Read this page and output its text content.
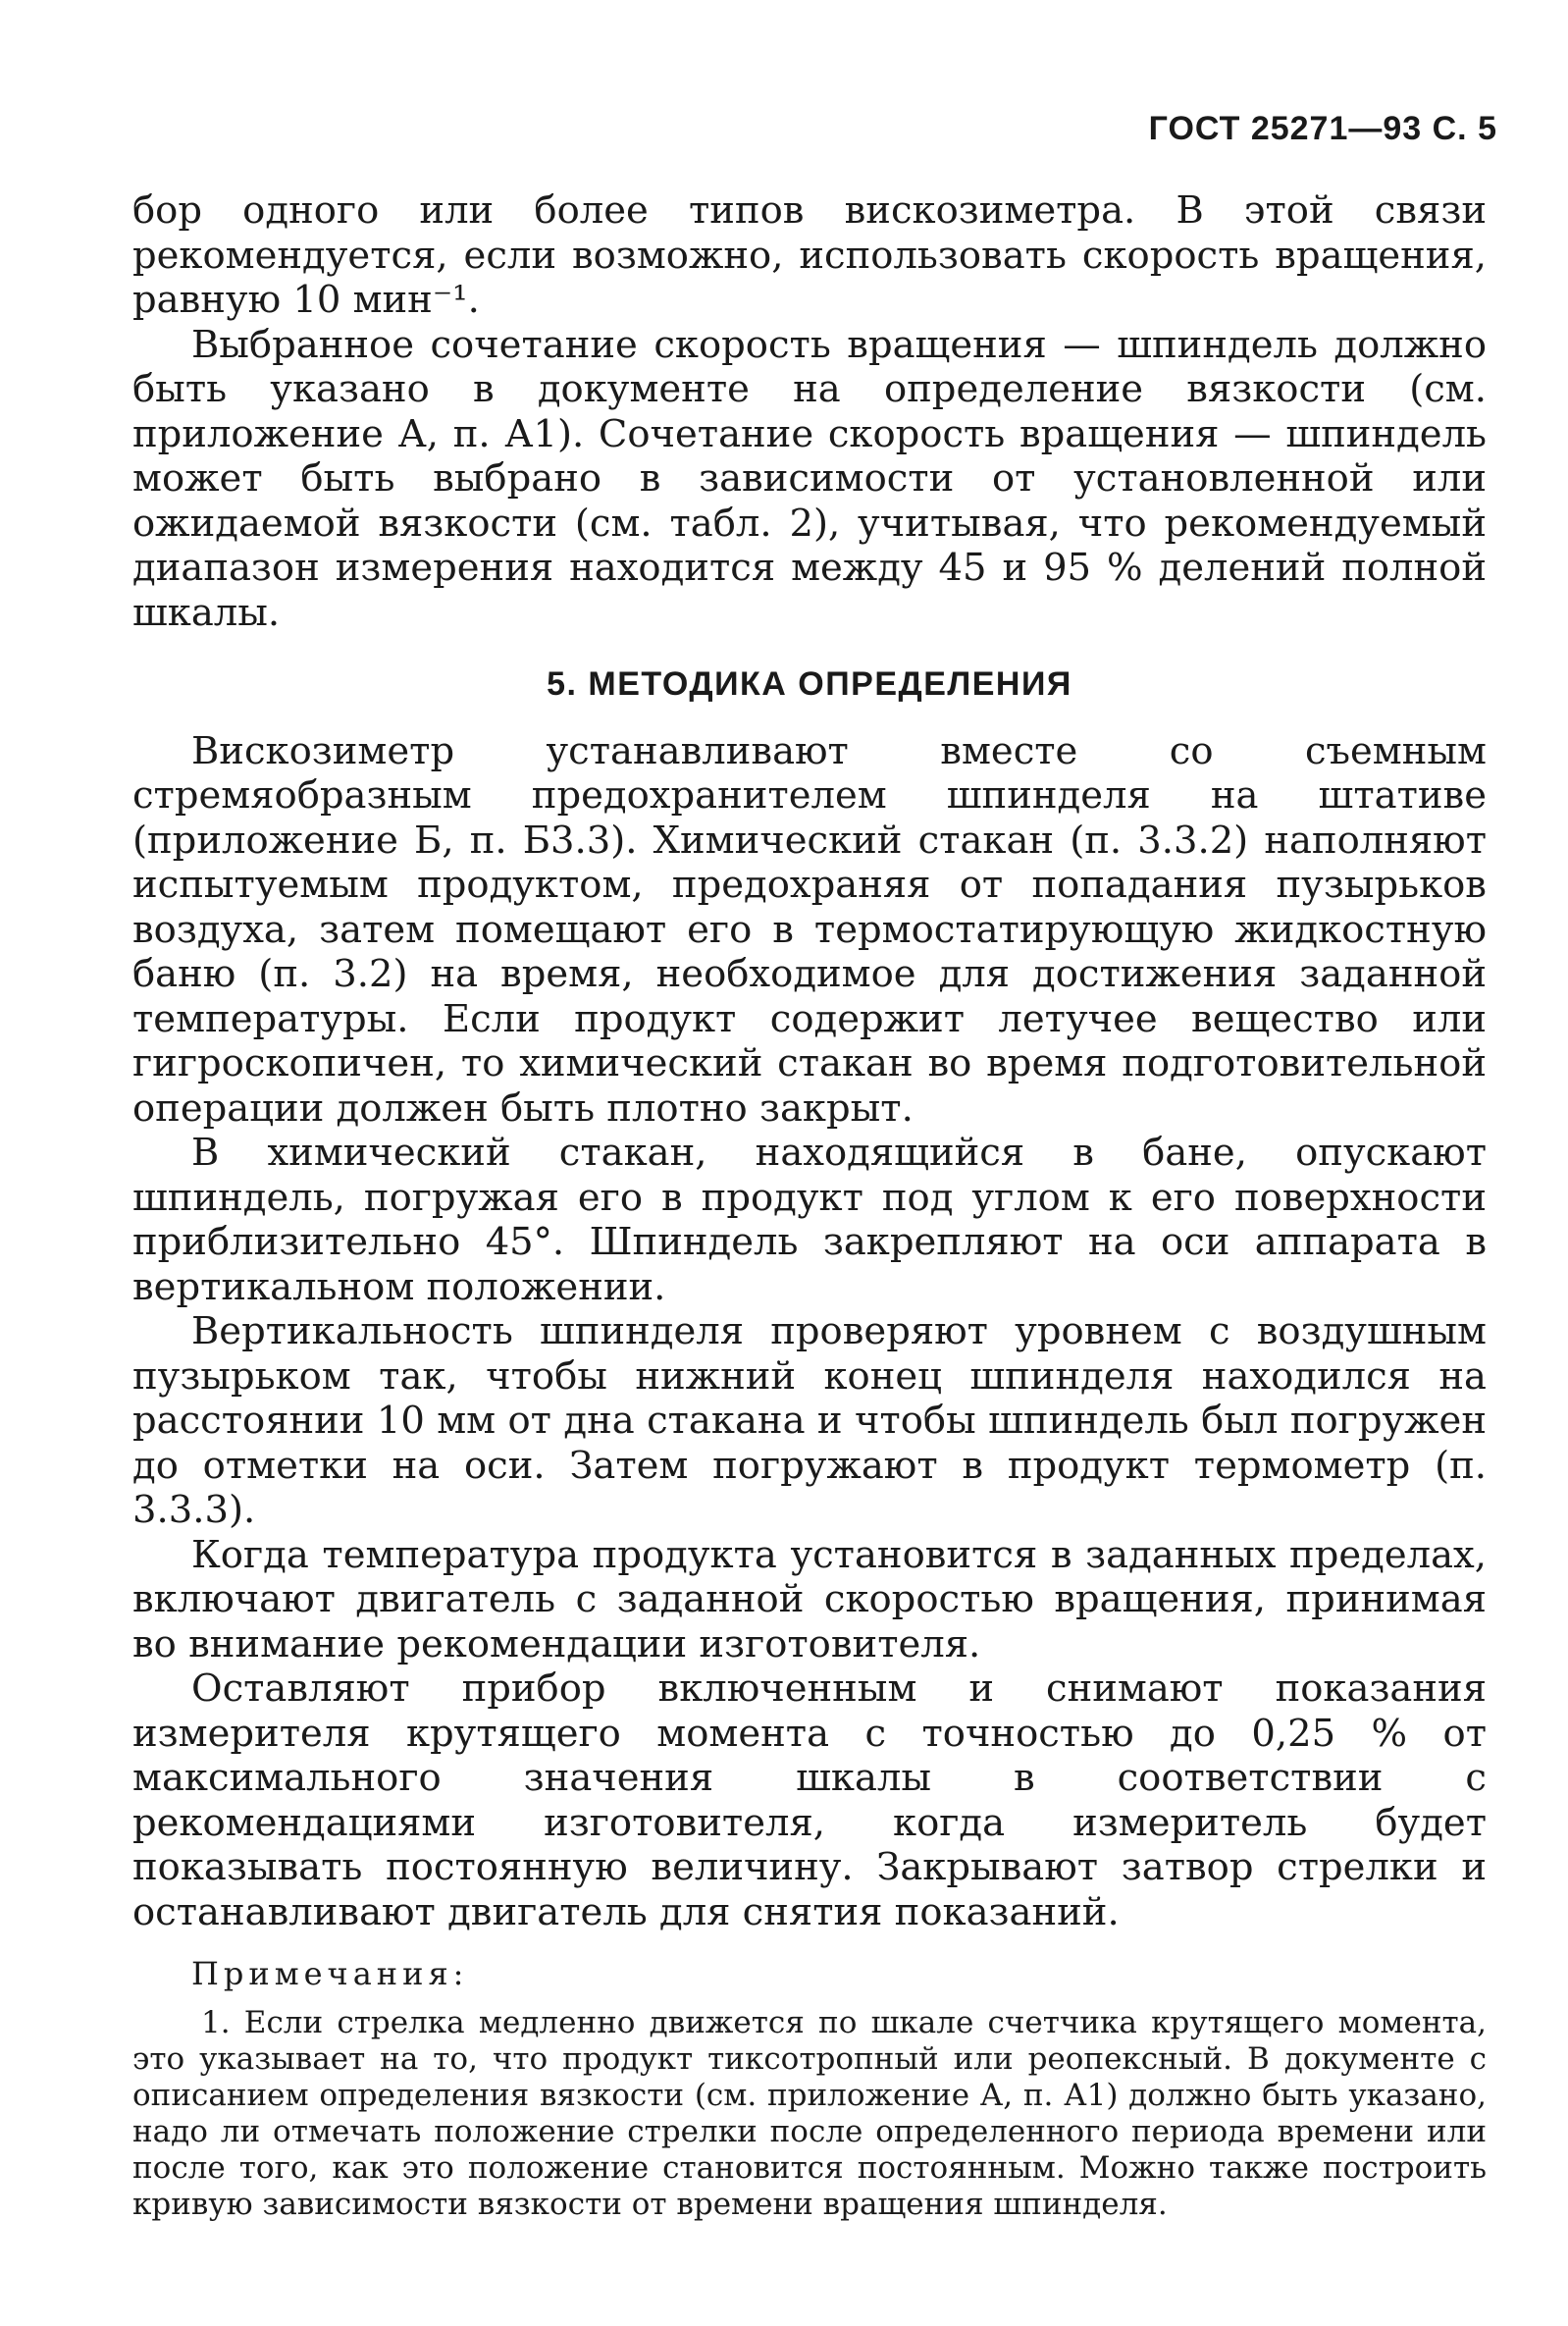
ГОСТ 25271—93 С. 5

бор одного или более типов вискозиметра. В этой связи рекомендуется, если возможно, использовать скорость вращения, равную 10 мин⁻¹.

Выбранное сочетание скорость вращения — шпиндель должно быть указано в документе на определение вязкости (см. приложение А, п. А1). Сочетание скорость вращения — шпиндель может быть выбрано в зависимости от установленной или ожидаемой вязкости (см. табл. 2), учитывая, что рекомендуемый диапазон измерения находится между 45 и 95 % делений полной шкалы.

5. МЕТОДИКА ОПРЕДЕЛЕНИЯ

Вискозиметр устанавливают вместе со съемным стремяобразным предохранителем шпинделя на штативе (приложение Б, п. Б3.3). Химический стакан (п. 3.3.2) наполняют испытуемым продуктом, предохраняя от попадания пузырьков воздуха, затем помещают его в термостатирующую жидкостную баню (п. 3.2) на время, необходимое для достижения заданной температуры. Если продукт содержит летучее вещество или гигроскопичен, то химический стакан во время подготовительной операции должен быть плотно закрыт.

В химический стакан, находящийся в бане, опускают шпиндель, погружая его в продукт под углом к его поверхности приблизительно 45°. Шпиндель закрепляют на оси аппарата в вертикальном положении.

Вертикальность шпинделя проверяют уровнем с воздушным пузырьком так, чтобы нижний конец шпинделя находился на расстоянии 10 мм от дна стакана и чтобы шпиндель был погружен до отметки на оси. Затем погружают в продукт термометр (п. 3.3.3).

Когда температура продукта установится в заданных пределах, включают двигатель с заданной скоростью вращения, принимая во внимание рекомендации изготовителя.

Оставляют прибор включенным и снимают показания измерителя крутящего момента с точностью до 0,25 % от максимального значения шкалы в соответствии с рекомендациями изготовителя, когда измеритель будет показывать постоянную величину. Закрывают затвор стрелки и останавливают двигатель для снятия показаний.

Примечания:
1. Если стрелка медленно движется по шкале счетчика крутящего момента, это указывает на то, что продукт тиксотропный или реопексный. В документе с описанием определения вязкости (см. приложение А, п. А1) должно быть указано, надо ли отмечать положение стрелки после определенного периода времени или после того, как это положение становится постоянным. Можно также построить кривую зависимости вязкости от времени вращения шпинделя.
